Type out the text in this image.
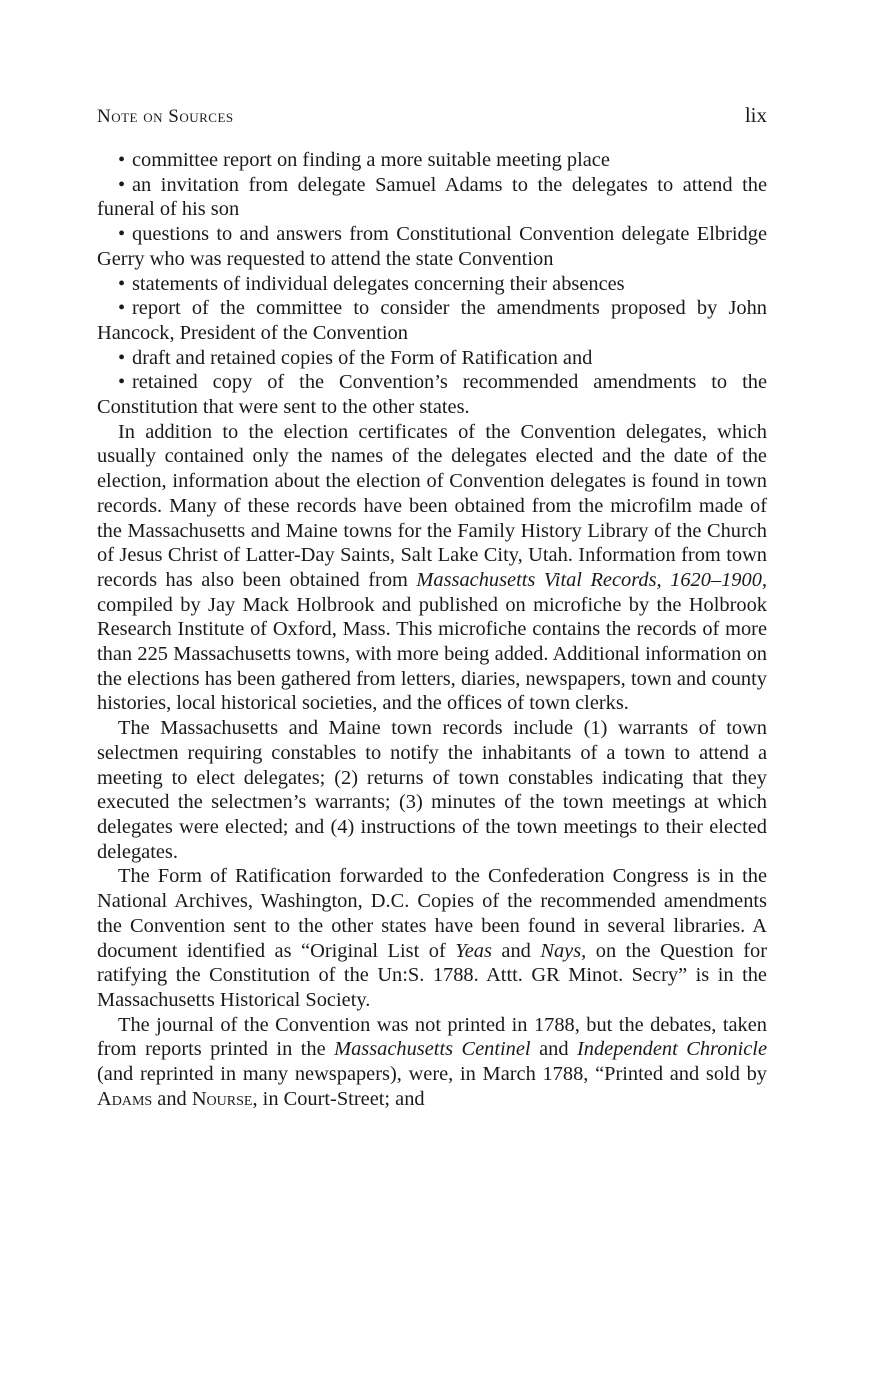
Note on Sources	lix

• committee report on finding a more suitable meeting place

• an invitation from delegate Samuel Adams to the delegates to attend the funeral of his son

• questions to and answers from Constitutional Convention delegate Elbridge Gerry who was requested to attend the state Convention

• statements of individual delegates concerning their absences

• report of the committee to consider the amendments proposed by John Hancock, President of the Convention

• draft and retained copies of the Form of Ratification and

• retained copy of the Convention’s recommended amendments to the Constitution that were sent to the other states.

In addition to the election certificates of the Convention delegates, which usually contained only the names of the delegates elected and the date of the election, information about the election of Convention delegates is found in town records. Many of these records have been obtained from the microfilm made of the Massachusetts and Maine towns for the Family History Library of the Church of Jesus Christ of Latter-Day Saints, Salt Lake City, Utah. Information from town records has also been obtained from Massachusetts Vital Records, 1620–1900, compiled by Jay Mack Holbrook and published on microfiche by the Holbrook Research Institute of Oxford, Mass. This microfiche contains the records of more than 225 Massachusetts towns, with more being added. Additional information on the elections has been gathered from letters, diaries, newspapers, town and county histories, local historical societies, and the offices of town clerks.

The Massachusetts and Maine town records include (1) warrants of town selectmen requiring constables to notify the inhabitants of a town to attend a meeting to elect delegates; (2) returns of town constables indicating that they executed the selectmen’s warrants; (3) minutes of the town meetings at which delegates were elected; and (4) instructions of the town meetings to their elected delegates.

The Form of Ratification forwarded to the Confederation Congress is in the National Archives, Washington, D.C. Copies of the recommended amendments the Convention sent to the other states have been found in several libraries. A document identified as “Original List of Yeas and Nays, on the Question for ratifying the Constitution of the Un:S. 1788. Attt. GR Minot. Secry” is in the Massachusetts Historical Society.

The journal of the Convention was not printed in 1788, but the debates, taken from reports printed in the Massachusetts Centinel and Independent Chronicle (and reprinted in many newspapers), were, in March 1788, “Printed and sold by Adams and Nourse, in Court-Street; and
